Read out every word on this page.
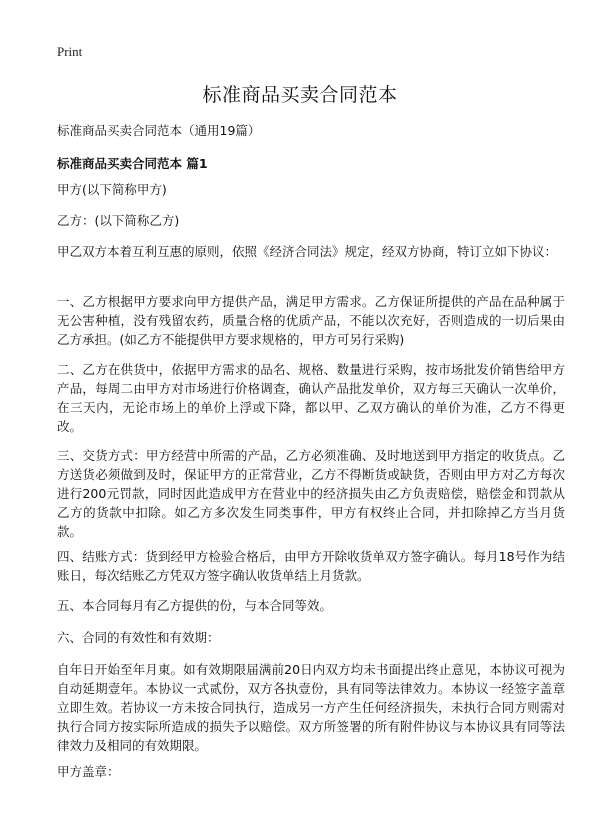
Print
标准商品买卖合同范本
标准商品买卖合同范本（通用19篇）
标准商品买卖合同范本 篇1
甲方(以下简称甲方)
乙方：(以下简称乙方)
甲乙双方本着互利互惠的原则，依照《经济合同法》规定，经双方协商，特订立如下协议：
一、乙方根据甲方要求向甲方提供产品，满足甲方需求。乙方保证所提供的产品在品种属于无公害种植，没有残留农药，质量合格的优质产品，不能以次充好，否则造成的一切后果由乙方承担。(如乙方不能提供甲方要求规格的，甲方可另行采购)
二、乙方在供货中，依据甲方需求的品名、规格、数量进行采购，按市场批发价销售给甲方产品，每周二由甲方对市场进行价格调查，确认产品批发单价，双方每三天确认一次单价，在三天内，无论市场上的单价上浮或下降，都以甲、乙双方确认的单价为准，乙方不得更改。
三、交货方式：甲方经营中所需的产品，乙方必须准确、及时地送到甲方指定的收货点。乙方送货必须做到及时，保证甲方的正常营业，乙方不得断货或缺货，否则由甲方对乙方每次进行200元罚款，同时因此造成甲方在营业中的经济损失由乙方负责赔偿，赔偿金和罚款从乙方的货款中扣除。如乙方多次发生同类事件，甲方有权终止合同，并扣除掉乙方当月货款。
四、结账方式：货到经甲方检验合格后，由甲方开除收货单双方签字确认。每月18号作为结账日，每次结账乙方凭双方签字确认收货单结上月货款。
五、本合同每月有乙方提供的份，与本合同等效。
六、合同的有效性和有效期：
自年日开始至年月東。如有效期限届满前20日内双方均未书面提出终止意见，本协议可视为自动延期壹年。本协议一式贰份，双方各执壹份，具有同等法律效力。本协议一经签字盖章立即生效。若协议一方未按合同执行，造成另一方产生任何经济损失，未执行合同方则需对执行合同方按实际所造成的损失予以赔偿。双方所签署的所有附件协议与本协议具有同等法律效力及相同的有效期限。
甲方盖章：
